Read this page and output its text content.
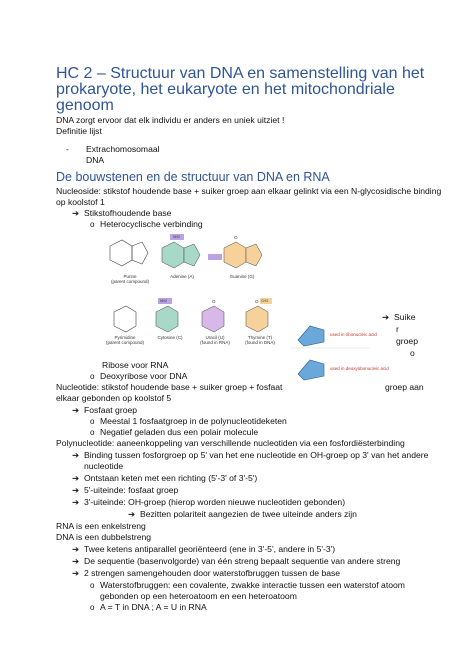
HC 2 – Structuur van DNA en samenstelling van het prokaryote, het eukaryote en het mitochondriale genoom
DNA zorgt ervoor dat elk individu er anders en uniek uitziet !
Definitie lijst
- Extrachomosomaal
DNA
De bouwstenen en de structuur van DNA en RNA
Nucleoside: stikstof houdende base + suiker groep aan elkaar gelinkt via een N-glycosidische binding
op koolstof 1
➔ Stikstofhoudende base
o Heterocyclische verbinding
NH2	O
Purine
(parent compound)
Adenine (A)	Guanine (G)
NH2	O	O CH3
Pyrimidine
(parent compound)
Cytosine (C)	Uracil (U)
(found in RNA)
Thymine (T)
(found in DNA)
used in ribonucleic acid
used in deoxyribonucleic acid
➔ Suike
r
groep
o
Ribose voor RNA
o Deoxyribose voor DNA
Nucleotide: stikstof houdende base + suiker groep + fosfaat	groep aan
elkaar gebonden op koolstof 5
➔ Fosfaat groep
o Meestal 1 fosfaatgroep in de polynucleotideketen
o Negatief geladen dus een polair molecule
Polynucleotide: aaneenkoppeling van verschillende nucleotiden via een fosfordiësterbinding
➔ Binding tussen fosforgroep op 5' van het ene nucleotide en OH-groep op 3' van het andere
nucleotide
➔ Ontstaan keten met een richting (5'-3' of 3'-5')
➔ 5'-uiteinde: fosfaat groep
➔ 3'-uiteinde: OH-groep (hierop worden nieuwe nucleotiden gebonden)
➔ Bezitten polariteit aangezien de twee uiteinde anders zijn
RNA is een enkelstreng
DNA is een dubbelstreng
➔ Twee ketens antiparallel georiënteerd (ene in 3'-5', andere in 5'-3')
➔ De sequentie (basenvolgorde) van één streng bepaalt sequentie van andere streng
➔ 2 strengen samengehouden door waterstofbruggen tussen de base
o Waterstofbruggen: een covalente, zwakke interactie tussen een waterstof atoom
gebonden op een heteroatoom en een heteroatoom
o A = T in DNA ; A = U in RNA
